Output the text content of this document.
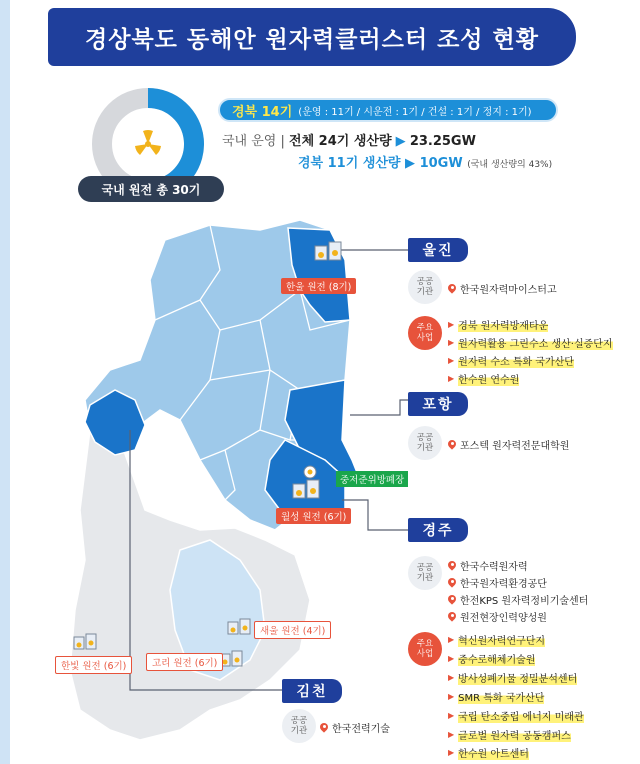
경상북도 동해안 원자력클러스터 조성 현황
국내 원전 총 30기
경북 14기 (운영 : 11기 / 시운전 : 1기 / 건설 : 1기 / 정지 : 1기)
국내 운영 | 전체 24기 생산량 ▶ 23.25GW
경북 11기 생산량 ▶ 10GW (국내 생산량의 43%)
한울 원전 (8기)
중저준위방폐장
월성 원전 (6기)
새울 원전 (4기)
한빛 원전 (6기)	고리 원전 (6기)
울진
공공
기관	한국원자력마이스터고
주요
사업
▶ 경북 원자력방재타운
▶ 원자력활용 그린수소 생산·실증단지
▶ 원자력 수소 특화 국가산단
▶ 한수원 연수원
포항
공공
기관	포스텍 원자력전문대학원
경주
공공
기관
한국수력원자력
한국원자력환경공단
한전KPS 원자력정비기술센터
원전현장인력양성원
주요
사업
▶ 혁신원자력연구단지
▶ 중수로해체기술원
▶ 방사성폐기물 정밀분석센터
▶ SMR 특화 국가산단
▶ 국립 탄소중립 에너지 미래관
▶ 글로벌 원자력 공동캠퍼스
▶ 한수원 아트센터
김천
공공
기관 한국전력기술
